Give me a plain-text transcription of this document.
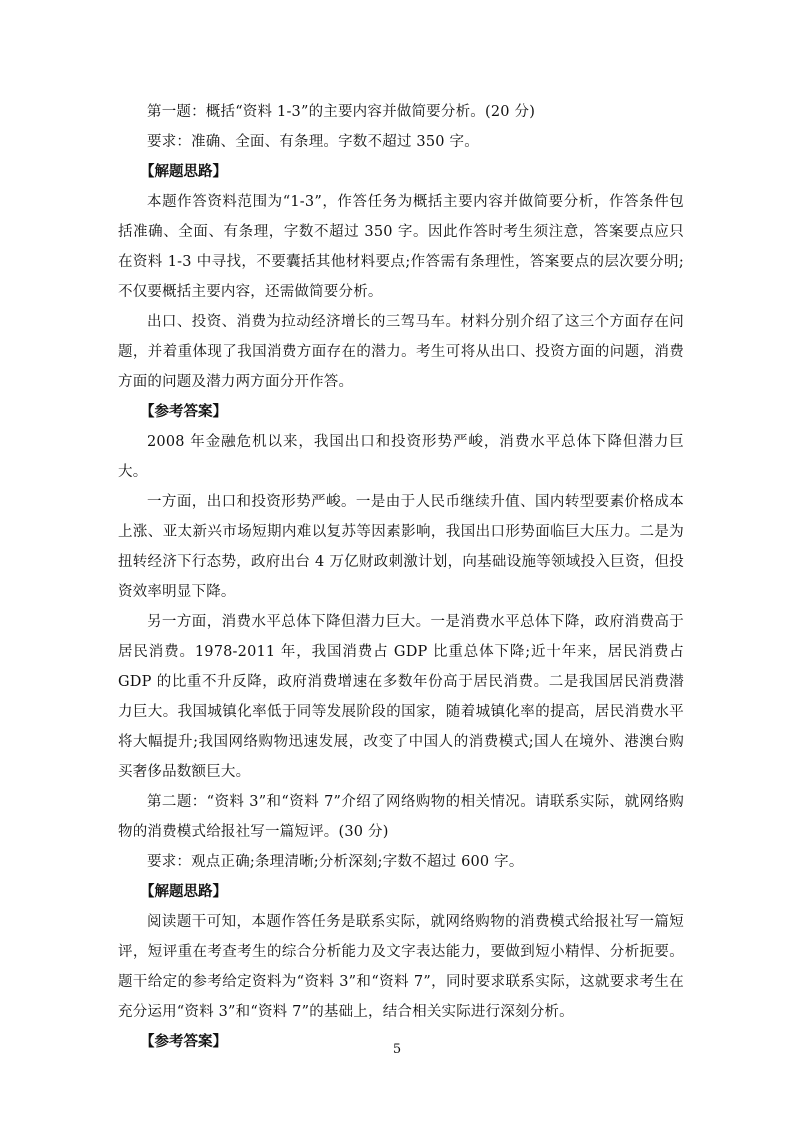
第一题：概括“资料 1-3”的主要内容并做简要分析。(20 分)

要求：准确、全面、有条理。字数不超过 350 字。

【解题思路】

本题作答资料范围为“1-3”，作答任务为概括主要内容并做简要分析，作答条件包括准确、全面、有条理，字数不超过 350 字。因此作答时考生须注意，答案要点应只在资料 1-3 中寻找，不要囊括其他材料要点;作答需有条理性，答案要点的层次要分明;不仅要概括主要内容，还需做简要分析。

出口、投资、消费为拉动经济增长的三驾马车。材料分别介绍了这三个方面存在问题，并着重体现了我国消费方面存在的潜力。考生可将从出口、投资方面的问题，消费方面的问题及潜力两方面分开作答。

【参考答案】

2008 年金融危机以来，我国出口和投资形势严峻，消费水平总体下降但潜力巨大。

一方面，出口和投资形势严峻。一是由于人民币继续升值、国内转型要素价格成本上涨、亚太新兴市场短期内难以复苏等因素影响，我国出口形势面临巨大压力。二是为扭转经济下行态势，政府出台 4 万亿财政刺激计划，向基础设施等领域投入巨资，但投资效率明显下降。

另一方面，消费水平总体下降但潜力巨大。一是消费水平总体下降，政府消费高于居民消费。1978-2011 年，我国消费占 GDP 比重总体下降;近十年来，居民消费占 GDP 的比重不升反降，政府消费增速在多数年份高于居民消费。二是我国居民消费潜力巨大。我国城镇化率低于同等发展阶段的国家，随着城镇化率的提高，居民消费水平将大幅提升;我国网络购物迅速发展，改变了中国人的消费模式;国人在境外、港澳台购买奢侈品数额巨大。

第二题：“资料 3”和“资料 7”介绍了网络购物的相关情况。请联系实际，就网络购物的消费模式给报社写一篇短评。(30 分)

要求：观点正确;条理清晰;分析深刻;字数不超过 600 字。

【解题思路】

阅读题干可知，本题作答任务是联系实际，就网络购物的消费模式给报社写一篇短评，短评重在考查考生的综合分析能力及文字表达能力，要做到短小精悍、分析扼要。题干给定的参考给定资料为“资料 3”和“资料 7”，同时要求联系实际，这就要求考生在充分运用“资料 3”和“资料 7”的基础上，结合相关实际进行深刻分析。

【参考答案】	5
